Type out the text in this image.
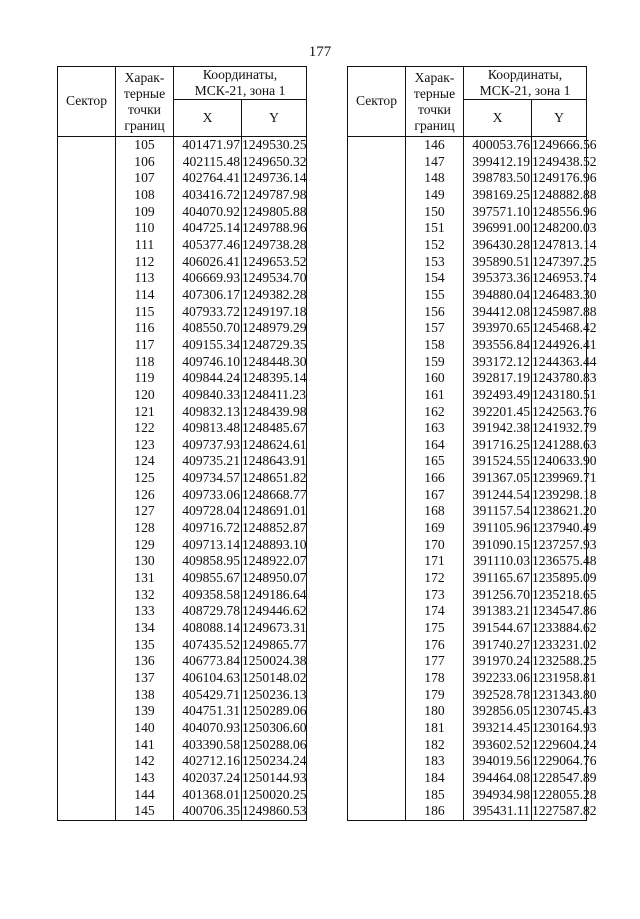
177
Сектор	Харак-
терные
точки
границ	Координаты,
МСК-21, зона 1	
		X	Y
	105	401471.97	1249530.25
	106	402115.48	1249650.32
	107	402764.41	1249736.14
	108	403416.72	1249787.98
	109	404070.92	1249805.88
	110	404725.14	1249788.96
	111	405377.46	1249738.28
	112	406026.41	1249653.52
	113	406669.93	1249534.70
	114	407306.17	1249382.28
	115	407933.72	1249197.18
	116	408550.70	1248979.29
	117	409155.34	1248729.35
	118	409746.10	1248448.30
	119	409844.24	1248395.14
	120	409840.33	1248411.23
	121	409832.13	1248439.98
	122	409813.48	1248485.67
	123	409737.93	1248624.61
	124	409735.21	1248643.91
	125	409734.57	1248651.82
	126	409733.06	1248668.77
	127	409728.04	1248691.01
	128	409716.72	1248852.87
	129	409713.14	1248893.10
	130	409858.95	1248922.07
	131	409855.67	1248950.07
	132	409358.58	1249186.64
	133	408729.78	1249446.62
	134	408088.14	1249673.31
	135	407435.52	1249865.77
	136	406773.84	1250024.38
	137	406104.63	1250148.02
	138	405429.71	1250236.13
	139	404751.31	1250289.06
	140	404070.93	1250306.60
	141	403390.58	1250288.06
	142	402712.16	1250234.24
	143	402037.24	1250144.93
	144	401368.01	1250020.25
	145	400706.35	1249860.53
Сектор	Харак-
терные
точки
границ	Координаты,
МСК-21, зона 1	
		X	Y
	146	400053.76	1249666.56
	147	399412.19	1249438.52
	148	398783.50	1249176.96
	149	398169.25	1248882.88
	150	397571.10	1248556.96
	151	396991.00	1248200.03
	152	396430.28	1247813.14
	153	395890.51	1247397.25
	154	395373.36	1246953.74
	155	394880.04	1246483.30
	156	394412.08	1245987.88
	157	393970.65	1245468.42
	158	393556.84	1244926.41
	159	393172.12	1244363.44
	160	392817.19	1243780.83
	161	392493.49	1243180.51
	162	392201.45	1242563.76
	163	391942.38	1241932.79
	164	391716.25	1241288.63
	165	391524.55	1240633.90
	166	391367.05	1239969.71
	167	391244.54	1239298.18
	168	391157.54	1238621.20
	169	391105.96	1237940.49
	170	391090.15	1237257.93
	171	391110.03	1236575.48
	172	391165.67	1235895.09
	173	391256.70	1235218.65
	174	391383.21	1234547.86
	175	391544.67	1233884.62
	176	391740.27	1233231.02
	177	391970.24	1232588.25
	178	392233.06	1231958.81
	179	392528.78	1231343.80
	180	392856.05	1230745.43
	181	393214.45	1230164.93
	182	393602.52	1229604.24
	183	394019.56	1229064.76
	184	394464.08	1228547.89
	185	394934.98	1228055.28
	186	395431.11	1227587.82
